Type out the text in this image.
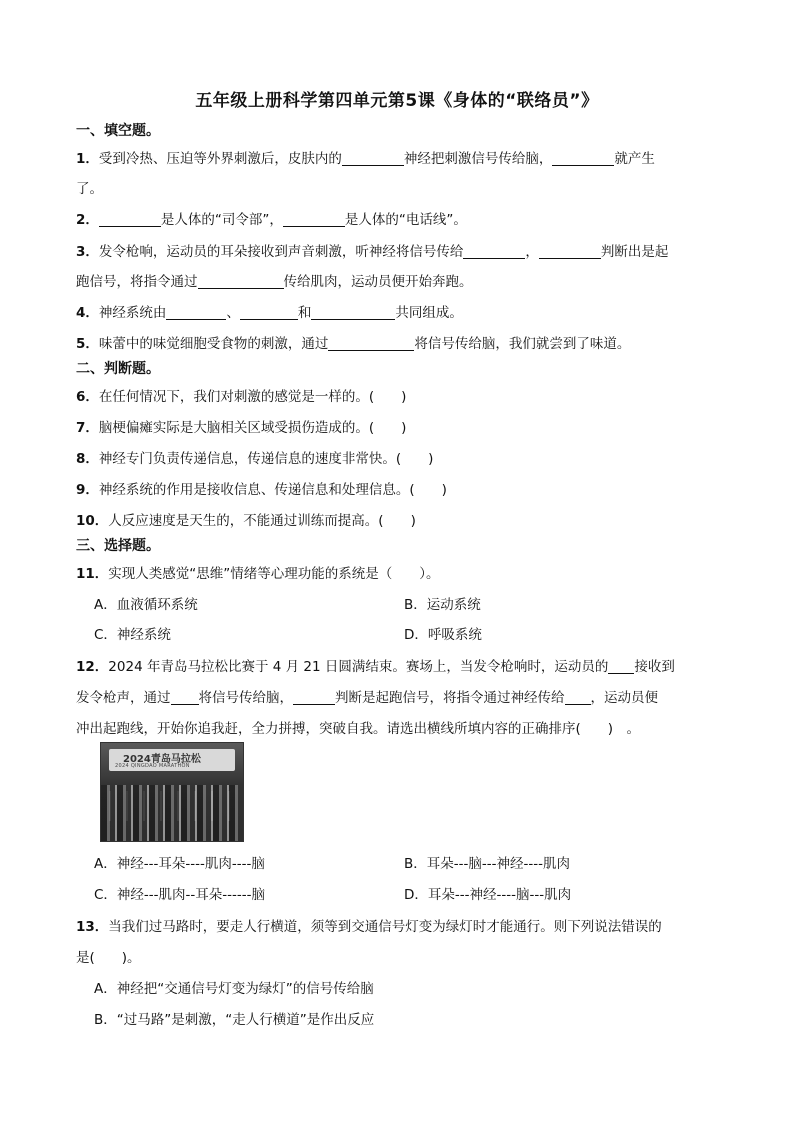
五年级上册科学第四单元第5课《身体的“联络员”》
一、填空题。
1．受到冷热、压迫等外界刺激后，皮肤内的	神经把刺激信号传给脑，	就产生
了。
2．	是人体的“司令部”，	是人体的“电话线”。
3．发令枪响，运动员的耳朵接收到声音刺激，听神经将信号传给	，	判断出是起
跑信号，将指令通过	传给肌肉，运动员便开始奔跑。
4．神经系统由	、	和	共同组成。
5．味蕾中的味觉细胞受食物的刺激，通过	将信号传给脑，我们就尝到了味道。
二、判断题。
6．在任何情况下，我们对刺激的感觉是一样的。(　　)
7．脑梗偏瘫实际是大脑相关区域受损伤造成的。(　　)
8．神经专门负责传递信息，传递信息的速度非常快。(　　)
9．神经系统的作用是接收信息、传递信息和处理信息。(　　)
10．人反应速度是天生的，不能通过训练而提高。(　　)
三、选择题。
11．实现人类感觉“思维”情绪等心理功能的系统是（　　）。
A．血液循环系统	B．运动系统
C．神经系统	D．呼吸系统
12．2024 年青岛马拉松比赛于 4 月 21 日圆满结束。赛场上，当发令枪响时，运动员的 接收到
发令枪声，通过 将信号传给脑，	判断是起跑信号，将指令通过神经传给 ，运动员便
冲出起跑线，开始你追我赶，全力拼搏，突破自我。请选出横线所填内容的正确排序(　　)　。
2024青岛马拉松
2024 QINGDAO MARATHON
A．神经---耳朵----肌肉----脑	B．耳朵---脑---神经----肌肉
C．神经---肌肉--耳朵------脑	D．耳朵---神经----脑---肌肉
13．当我们过马路时，要走人行横道，须等到交通信号灯变为绿灯时才能通行。则下列说法错误的
是(　　)。
A．神经把“交通信号灯变为绿灯”的信号传给脑
B．“过马路”是刺激，“走人行横道”是作出反应
